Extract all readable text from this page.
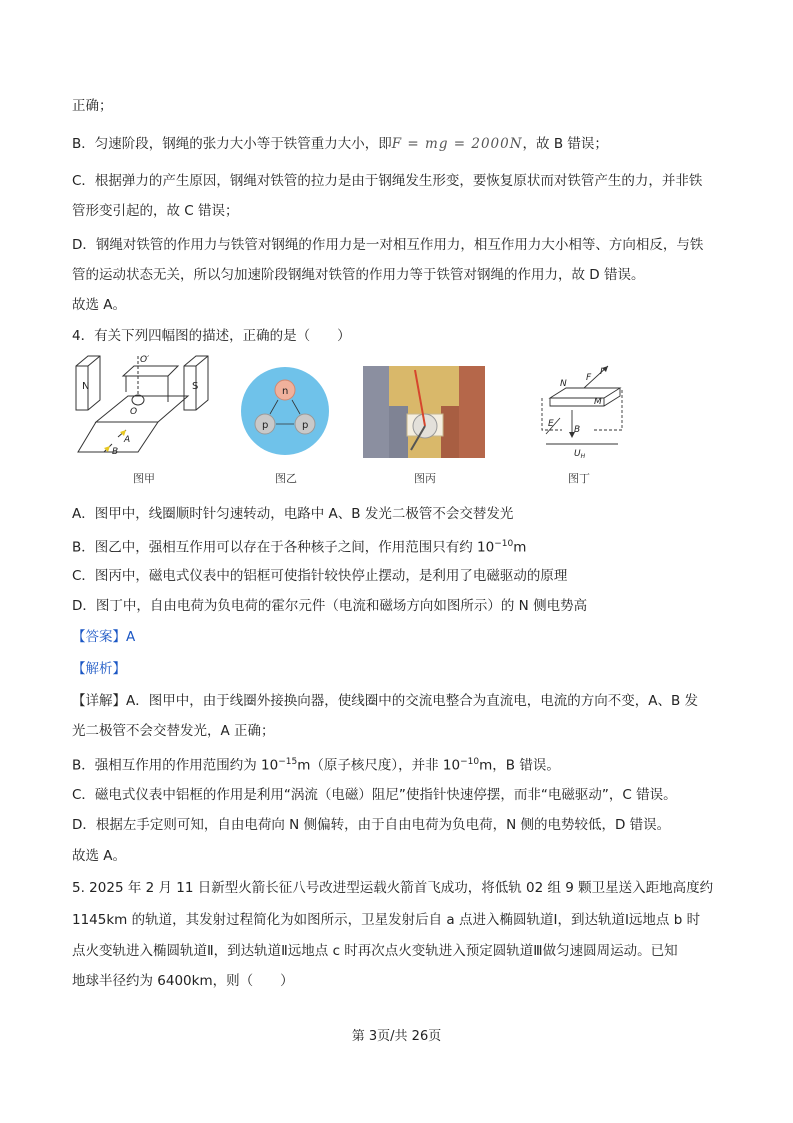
正确；
B．匀速阶段，钢绳的张力大小等于铁管重力大小，即F = mg = 2000N，故 B 错误；
C．根据弹力的产生原因，钢绳对铁管的拉力是由于钢绳发生形变，要恢复原状而对铁管产生的力，并非铁
管形变引起的，故 C 错误；
D．钢绳对铁管的作用力与铁管对钢绳的作用力是一对相互作用力，相互作用力大小相等、方向相反，与铁
管的运动状态无关，所以匀加速阶段钢绳对铁管的作用力等于铁管对钢绳的作用力，故 D 错误。
故选 A。
4．有关下列四幅图的描述，正确的是（　　）
N	S
O′
O
A
B
图甲
n
p	p
图乙	图丙
N
I
F
M
E
B
$U_H$
图丁
A．图甲中，线圈顺时针匀速转动，电路中 A、B 发光二极管不会交替发光
B．图乙中，强相互作用可以存在于各种核子之间，作用范围只有约 $10^{-10}m$
C．图丙中，磁电式仪表中的铝框可使指针较快停止摆动，是利用了电磁驱动的原理
D．图丁中，自由电荷为负电荷的霍尔元件（电流和磁场方向如图所示）的 N 侧电势高
【答案】A
【解析】
【详解】A．图甲中，由于线圈外接换向器，使线圈中的交流电整合为直流电，电流的方向不变，A、B 发
光二极管不会交替发光，A 正确；
B．强相互作用的作用范围约为 $10^{-15}m$（原子核尺度），并非 $10^{-10}m$，B 错误。
C．磁电式仪表中铝框的作用是利用“涡流（电磁）阻尼”使指针快速停摆，而非“电磁驱动”，C 错误。
D．根据左手定则可知，自由电荷向 N 侧偏转，由于自由电荷为负电荷，N 侧的电势较低，D 错误。
故选 A。
5. 2025 年 2 月 11 日新型火箭长征八号改进型运载火箭首飞成功，将低轨 02 组 9 颗卫星送入距地高度约
1145km 的轨道，其发射过程简化为如图所示，卫星发射后自 a 点进入椭圆轨道Ⅰ，到达轨道Ⅰ远地点 b 时
点火变轨进入椭圆轨道Ⅱ，到达轨道Ⅱ远地点 c 时再次点火变轨进入预定圆轨道Ⅲ做匀速圆周运动。已知
地球半径约为 6400km，则（　　）
第 3页/共 26页
